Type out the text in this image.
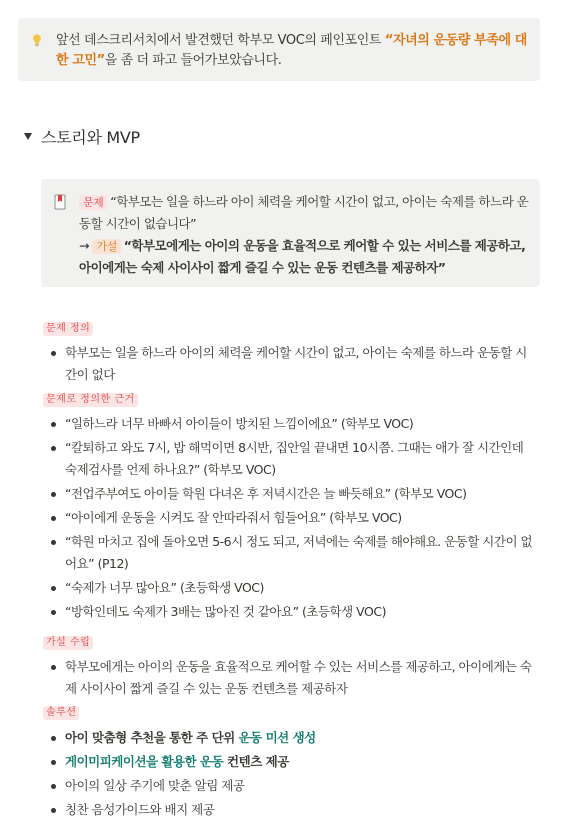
앞선 데스크리서치에서 발견했던 학부모 VOC의 페인포인트 “자녀의 운동량 부족에 대한 고민”을 좀 더 파고 들어가보았습니다.
스토리와 MVP
문제 “학부모는 일을 하느라 아이 체력을 케어할 시간이 없고, 아이는 숙제를 하느라 운동할 시간이 없습니다”
→ 가설 “학부모에게는 아이의 운동을 효율적으로 케어할 수 있는 서비스를 제공하고, 아이에게는 숙제 사이사이 짧게 즐길 수 있는 운동 컨텐츠를 제공하자”
문제 정의
학부모는 일을 하느라 아이의 체력을 케어할 시간이 없고, 아이는 숙제를 하느라 운동할 시간이 없다
문제로 정의한 근거
“일하느라 너무 바빠서 아이들이 방치된 느낌이에요” (학부모 VOC)
“칼퇴하고 와도 7시, 밥 해먹이면 8시반, 집안일 끝내면 10시쯤. 그때는 애가 잘 시간인데 숙제검사를 언제 하나요?” (학부모 VOC)
“전업주부여도 아이들 학원 다녀온 후 저녁시간은 늘 빠듯해요” (학부모 VOC)
“아이에게 운동을 시켜도 잘 안따라줘서 힘들어요” (학부모 VOC)
“학원 마치고 집에 돌아오면 5-6시 정도 되고, 저녁에는 숙제를 해야해요. 운동할 시간이 없어요” (P12)
“숙제가 너무 많아요” (초등학생 VOC)
“방학인데도 숙제가 3배는 많아진 것 같아요” (초등학생 VOC)
가설 수립
학부모에게는 아이의 운동을 효율적으로 케어할 수 있는 서비스를 제공하고, 아이에게는 숙제 사이사이 짧게 즐길 수 있는 운동 컨텐츠를 제공하자
솔루션
아이 맞춤형 추천을 통한 주 단위 운동 미션 생성
게이미피케이션을 활용한 운동 컨텐츠 제공
아이의 일상 주기에 맞춘 알림 제공
칭찬 음성가이드와 배지 제공
